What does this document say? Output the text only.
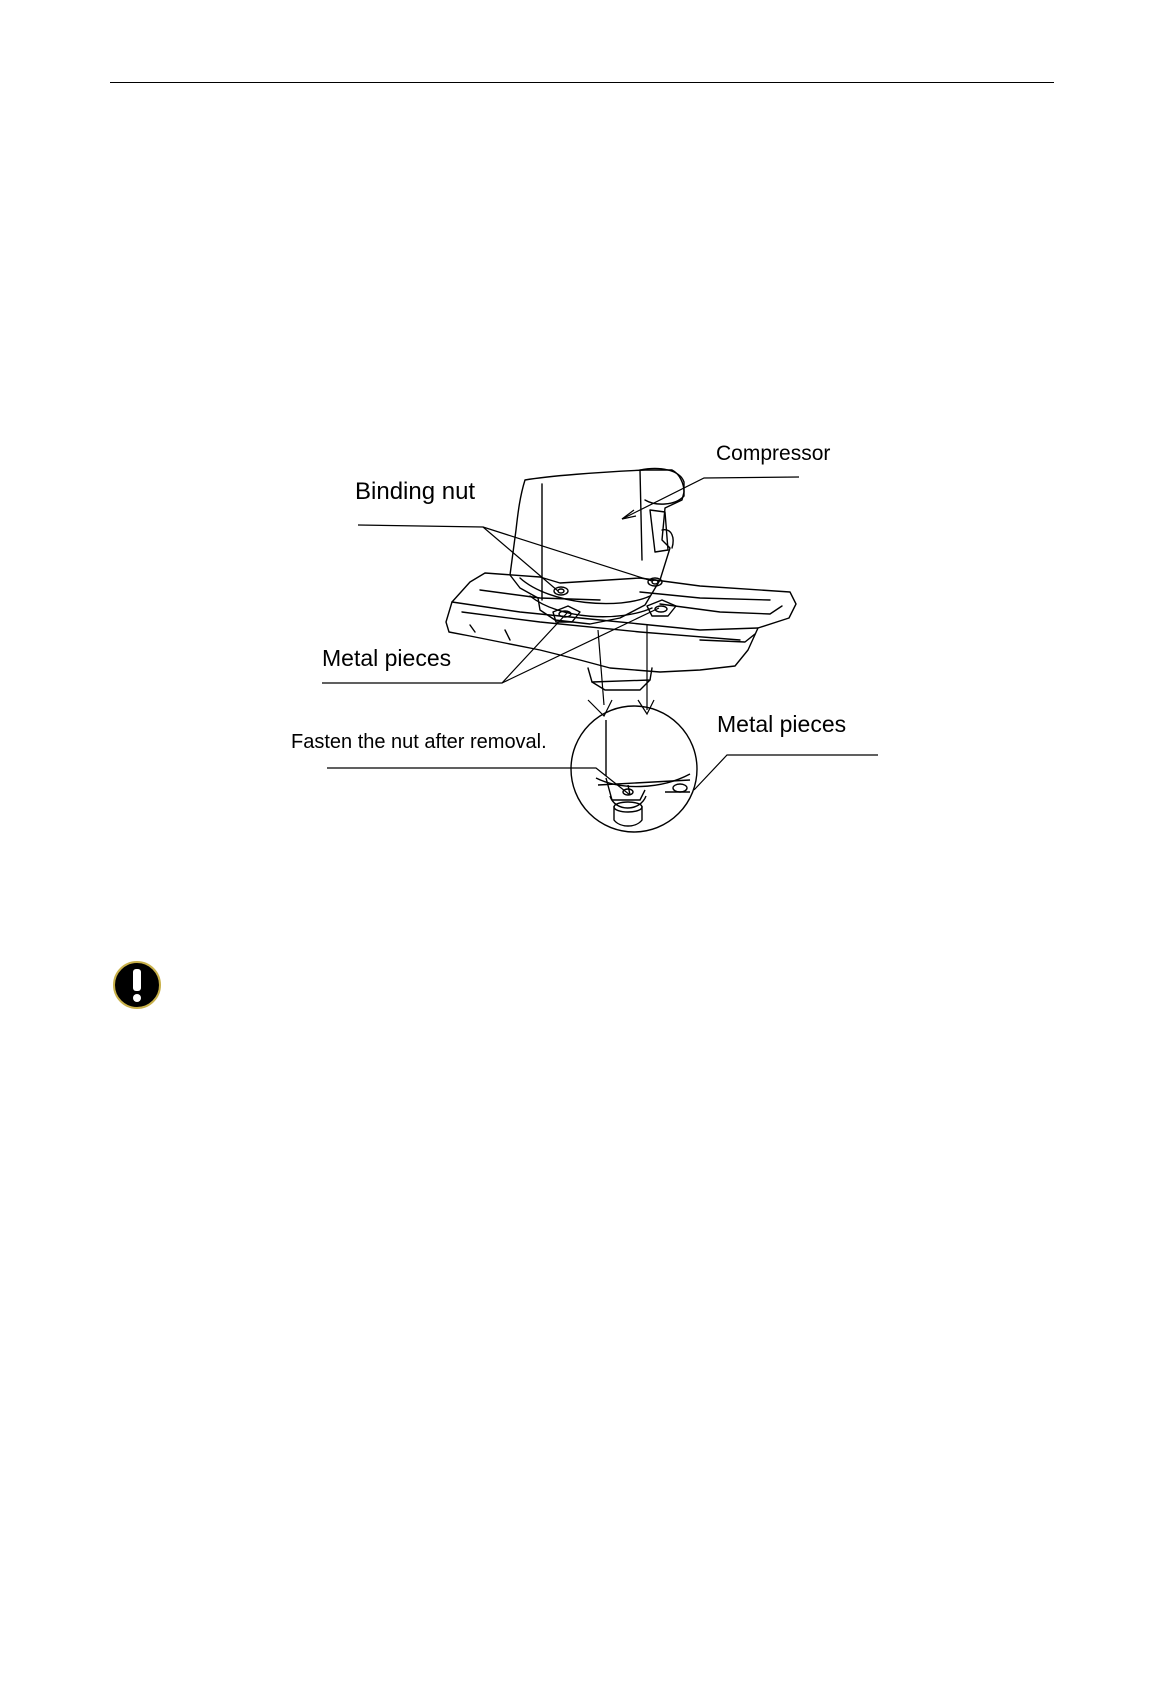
Compressor
Binding nut
Metal pieces
Metal pieces
Fasten the nut after removal.
